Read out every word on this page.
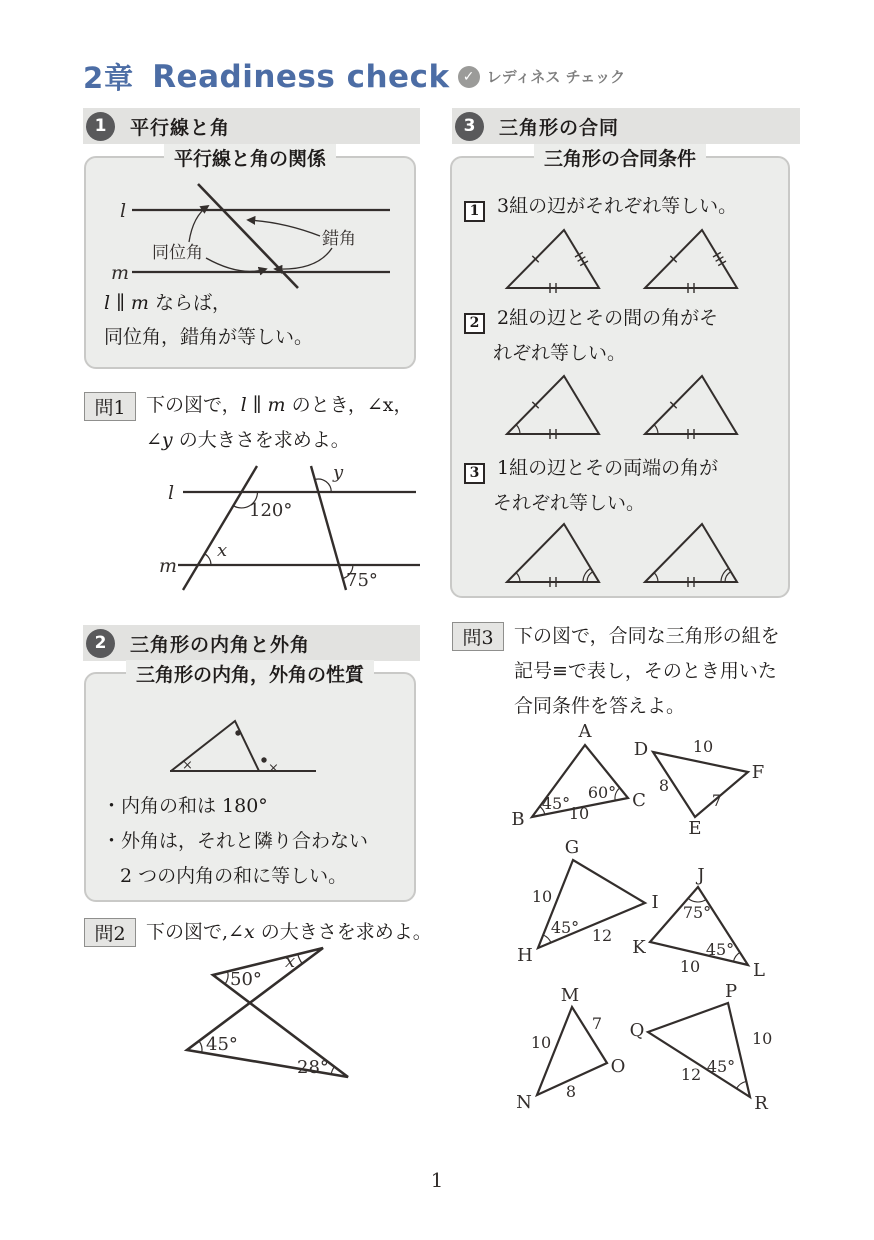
2章 Readiness check ✓ レディネス チェック
1	平行線と角
平行線と角の関係
l
m
同位角
錯角
l ∥ m ならば，
同位角，錯角が等しい。
問1	下の図で，l ∥ m のとき，∠x，
∠y の大きさを求めよ。
l
m
120°
x
y
75°
2	三角形の内角と外角
三角形の内角，外角の性質
×	×
・内角の和は 180°
・外角は，それと隣り合わない
2 つの内角の和に等しい。
問2	下の図で,∠x の大きさを求めよ。
x
50°
45°
28°
3	三角形の合同
三角形の合同条件
1 3組の辺がそれぞれ等しい。
2 2組の辺とその間の角がそ
れぞれ等しい。
3 1組の辺とその両端の角が
それぞれ等しい。
問3	下の図で，合同な三角形の組を
記号≡で表し，そのとき用いた
合同条件を答えよ。
A
B
C
45°
60°
10
D
E
F
10
8
7
G
H
I
10
45° 12
J
K
L
75°
45°
10
M
N
O
10
7
8
P
Q
R
10
12 45°
1
